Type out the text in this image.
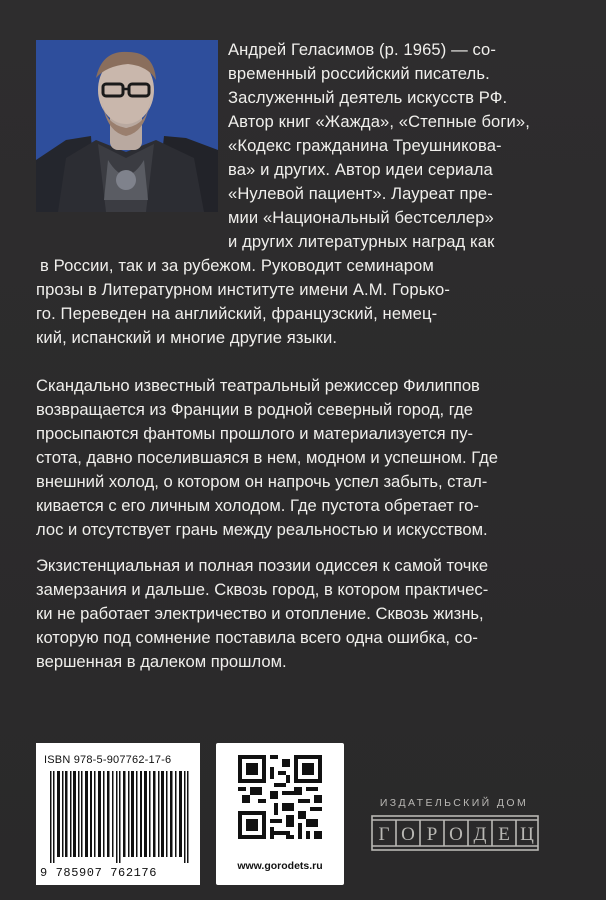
Андрей Геласимов (р. 1965) — со-
временный российский писатель.
Заслуженный деятель искусств РФ.
Автор книг «Жажда», «Степные боги»,
«Кодекс гражданина Треушникова-
ва» и других. Автор идеи сериала
«Нулевой пациент». Лауреат пре-
мии «Национальный бестселлер»
и других литературных наград как
в России, так и за рубежом. Руководит семинаром
прозы в Литературном институте имени А.М. Горько-
го. Переведен на английский, французский, немец-
кий, испанский и многие другие языки.
Скандально известный театральный режиссер Филиппов
возвращается из Франции в родной северный город, где
просыпаются фантомы прошлого и материализуется пу-
стота, давно поселившаяся в нем, модном и успешном. Где
внешний холод, о котором он напрочь успел забыть, стал-
кивается с его личным холодом. Где пустота обретает го-
лос и отсутствует грань между реальностью и искусством.
Экзистенциальная и полная поэзии одиссея к самой точке
замерзания и дальше. Сквозь город, в котором практичес-
ки не работает электричество и отопление. Сквозь жизнь,
которую под сомнение поставила всего одна ошибка, со-
вершенная в далеком прошлом.
ISBN 978-5-907762-17-6
9 785907 762176	www.gorodets.ru
ИЗДАТЕЛЬСКИЙ ДОМ
Г О Р О Д Е Ц
